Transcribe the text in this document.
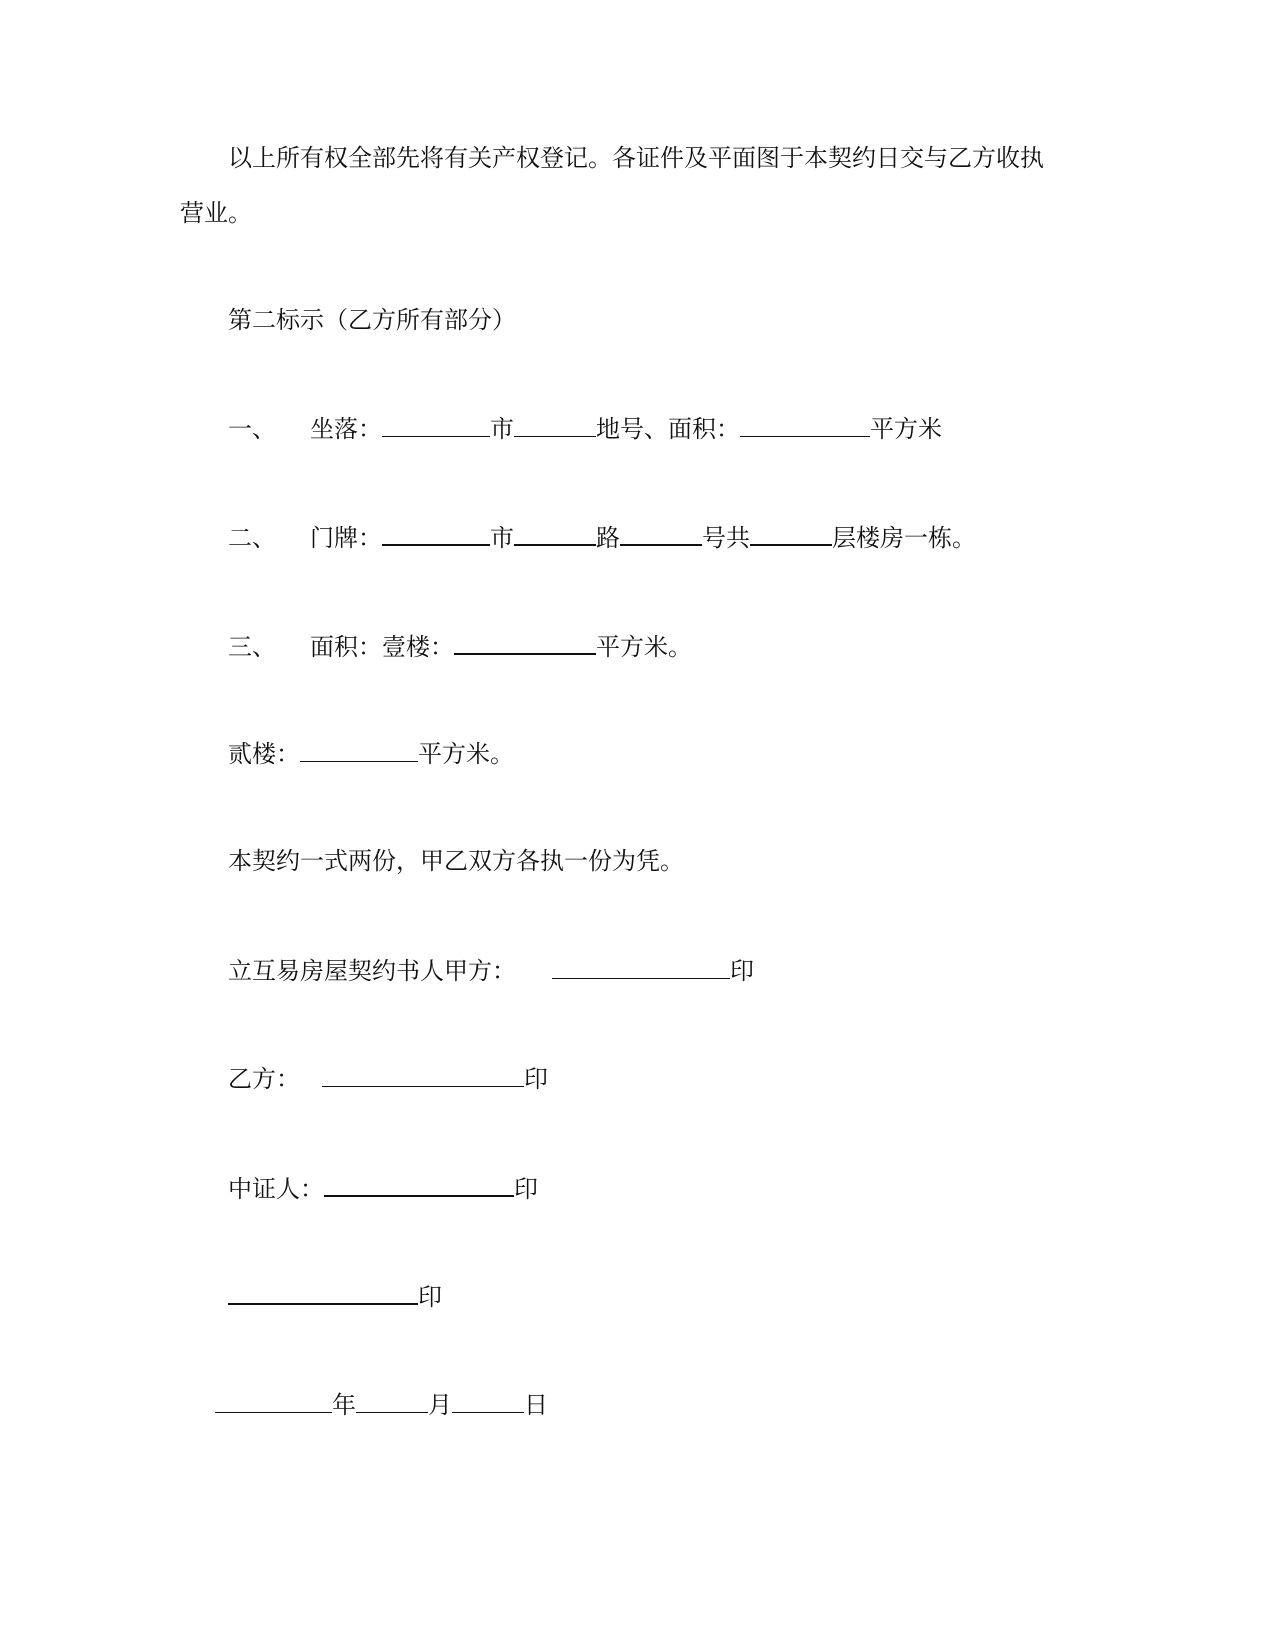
以上所有权全部先将有关产权登记。各证件及平面图于本契约日交与乙方收执
营业。
第二标示（乙方所有部分）
一、 坐落：	市	地号、面积：	平方米
二、 门牌：	市	路	号共	层楼房一栋。
三、 面积：壹楼：	平方米。
贰楼：	平方米。
本契约一式两份，甲乙双方各执一份为凭。
立互易房屋契约书人甲方：	印
乙方：	印
中证人：	印
印
年	月	日
